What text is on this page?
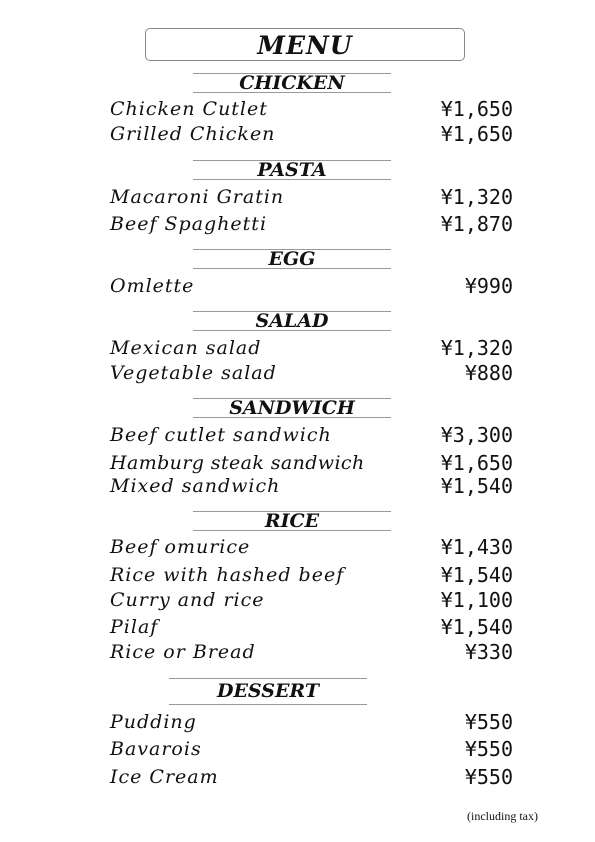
MENU
CHICKEN
Chicken Cutlet	¥1,650
Grilled Chicken	¥1,650
PASTA
Macaroni Gratin	¥1,320
Beef Spaghetti	¥1,870
EGG
Omlette	¥990
SALAD
Mexican salad	¥1,320
Vegetable salad	¥880
SANDWICH
Beef cutlet sandwich	¥3,300
Hamburg steak sandwich	¥1,650
Mixed sandwich	¥1,540
RICE
Beef omurice	¥1,430
Rice with hashed beef	¥1,540
Curry and rice	¥1,100
Pilaf	¥1,540
Rice or Bread	¥330
DESSERT
Pudding	¥550
Bavarois	¥550
Ice Cream	¥550
(including tax)
